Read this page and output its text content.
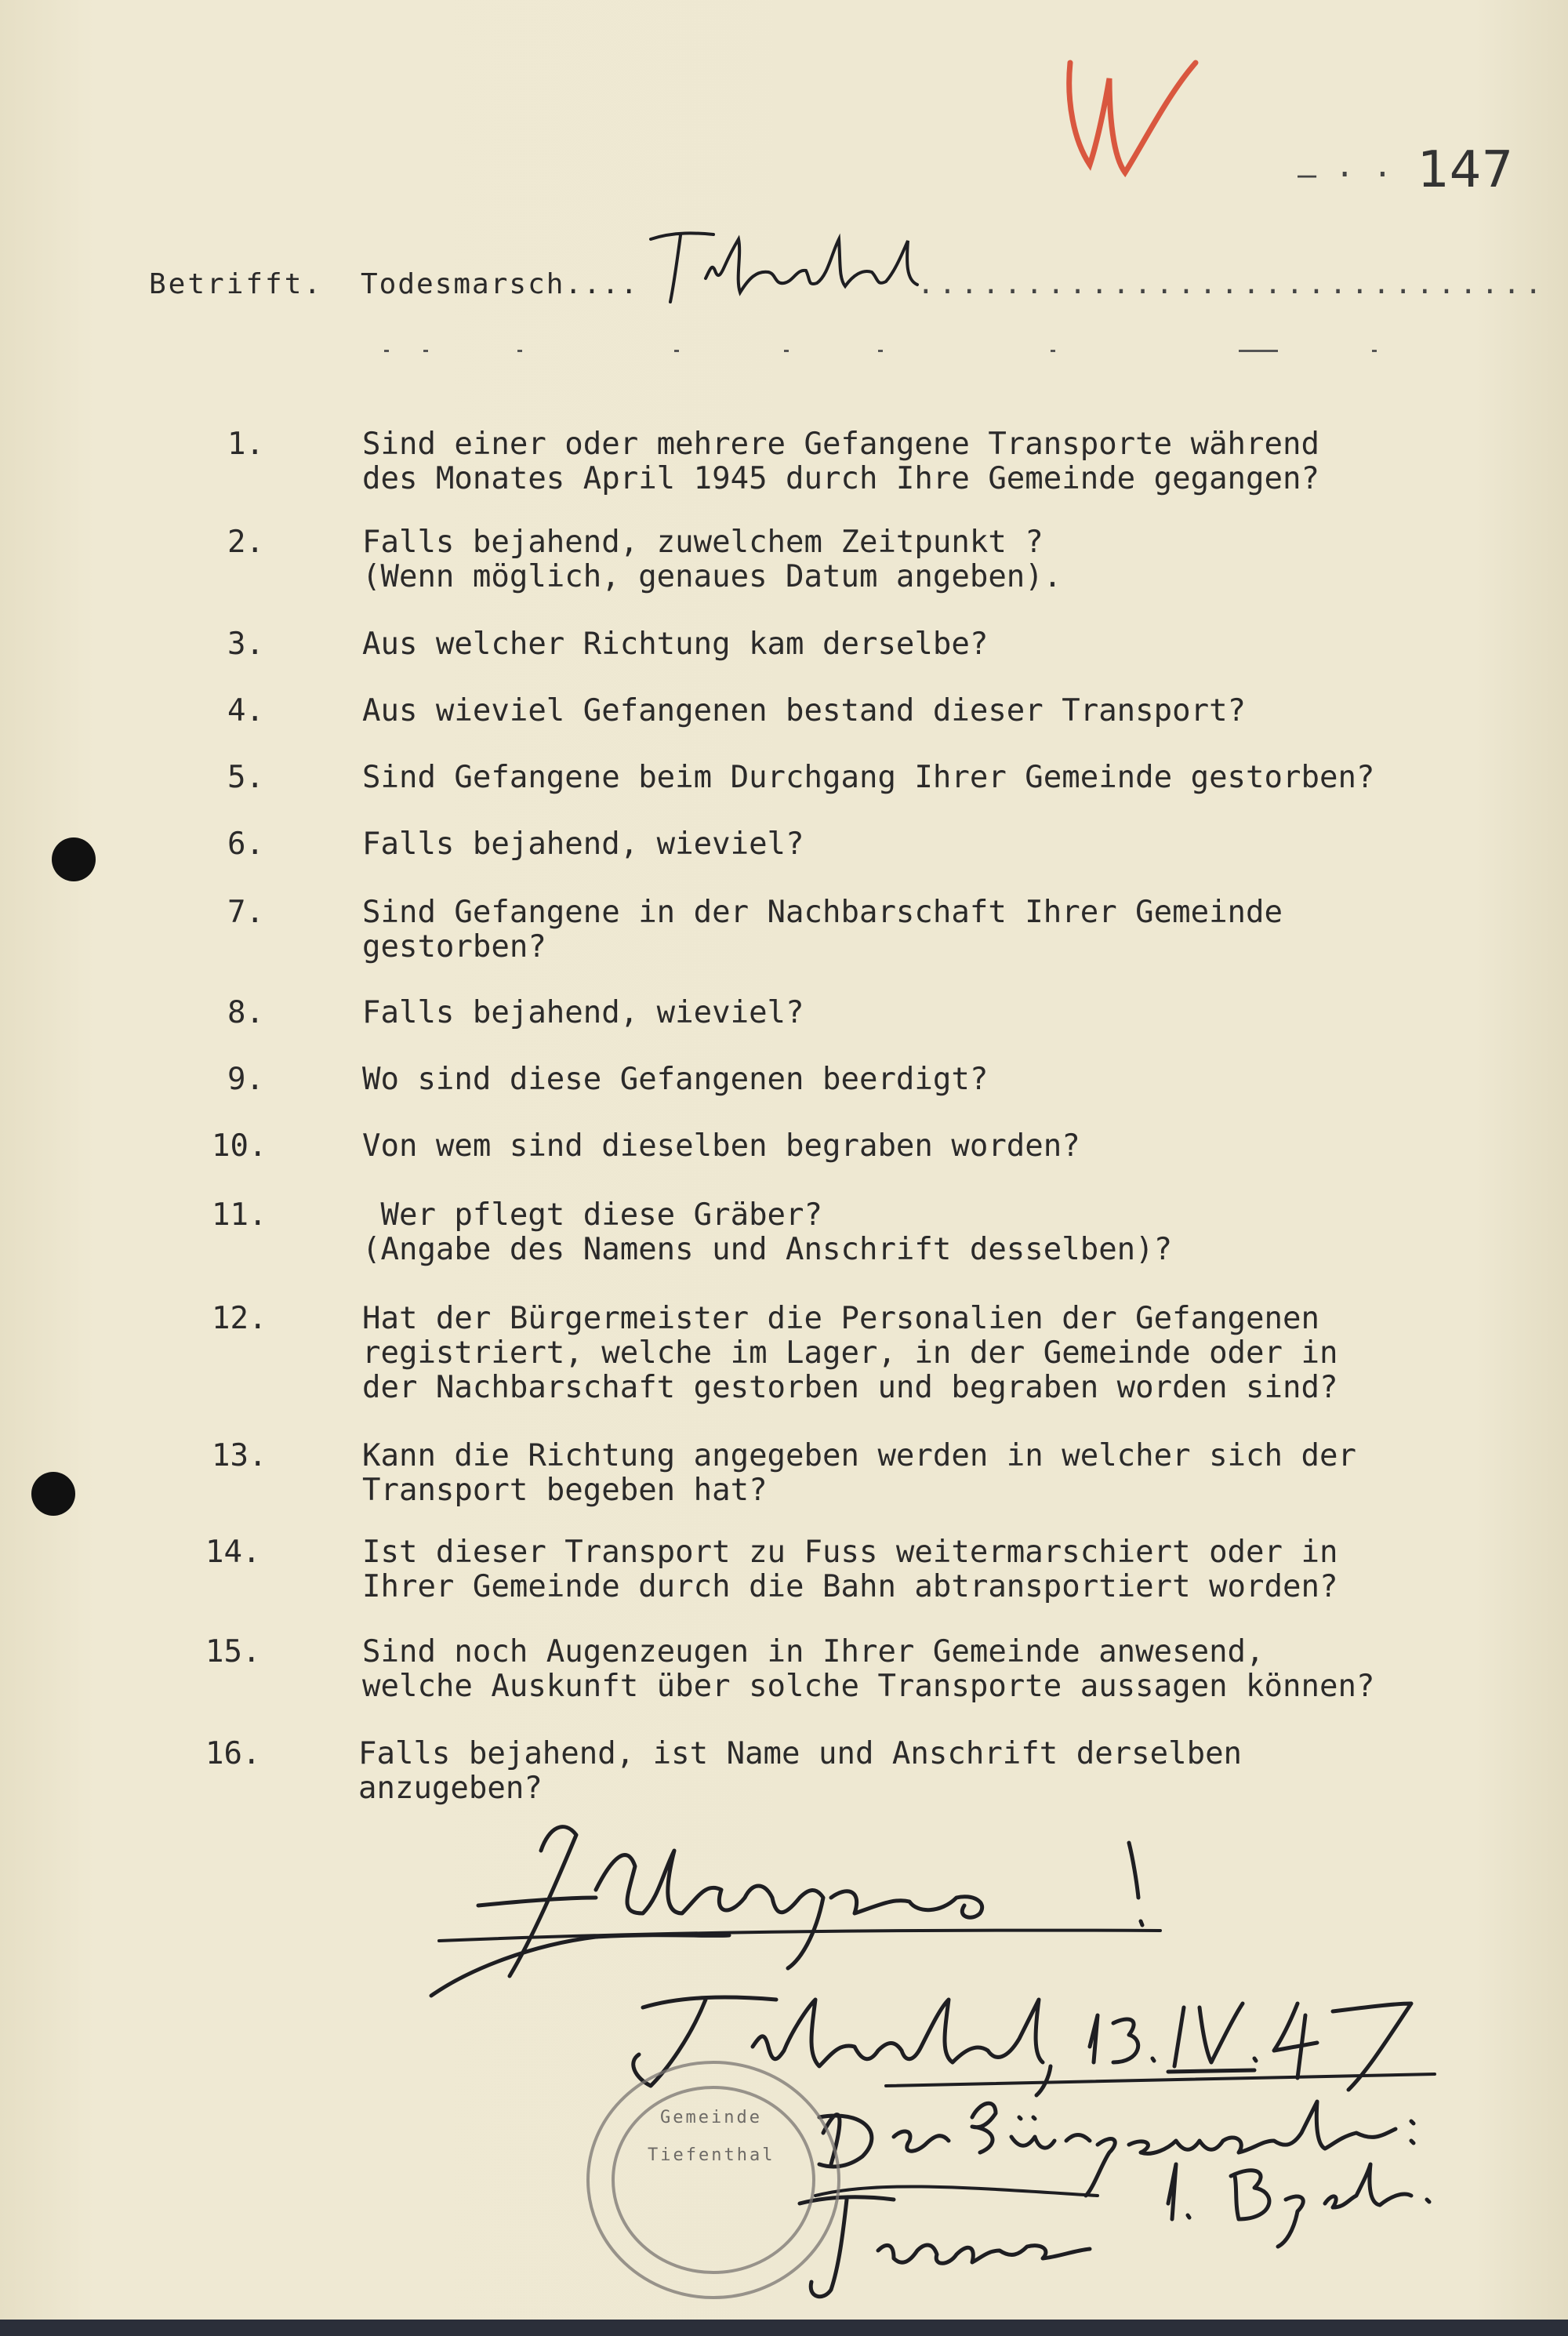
— · · 147
Betrifft. Todesmarsch....	.............................

1.

	Sind einer oder mehrere Gefangene Transporte während
des Monates April 1945 durch Ihre Gemeinde gegangen?

2.

	Falls bejahend, zuwelchem Zeitpunkt ?
(Wenn möglich, genaues Datum angeben).

3.

	Aus welcher Richtung kam derselbe?

4.

	Aus wieviel Gefangenen bestand dieser Transport?

5.

	Sind Gefangene beim Durchgang Ihrer Gemeinde gestorben?

6.

	Falls bejahend, wieviel?

7.

	Sind Gefangene in der Nachbarschaft Ihrer Gemeinde
gestorben?

8.

	Falls bejahend, wieviel?

9.

	Wo sind diese Gefangenen beerdigt?

10.

	Von wem sind dieselben begraben worden?

11.

	Wer pflegt diese Gräber?
(Angabe des Namens und Anschrift desselben)?

12.

	Hat der Bürgermeister die Personalien der Gefangenen
registriert, welche im Lager, in der Gemeinde oder in
der Nachbarschaft gestorben und begraben worden sind?

13.

	Kann die Richtung angegeben werden in welcher sich der
Transport begeben hat?

14.

	Ist dieser Transport zu Fuss weitermarschiert oder in
Ihrer Gemeinde durch die Bahn abtransportiert worden?

15.

	Sind noch Augenzeugen in Ihrer Gemeinde anwesend,
welche Auskunft über solche Transporte aussagen können?

16.

	Falls bejahend, ist Name und Anschrift derselben
anzugeben?

Gemeinde
Tiefenthal
